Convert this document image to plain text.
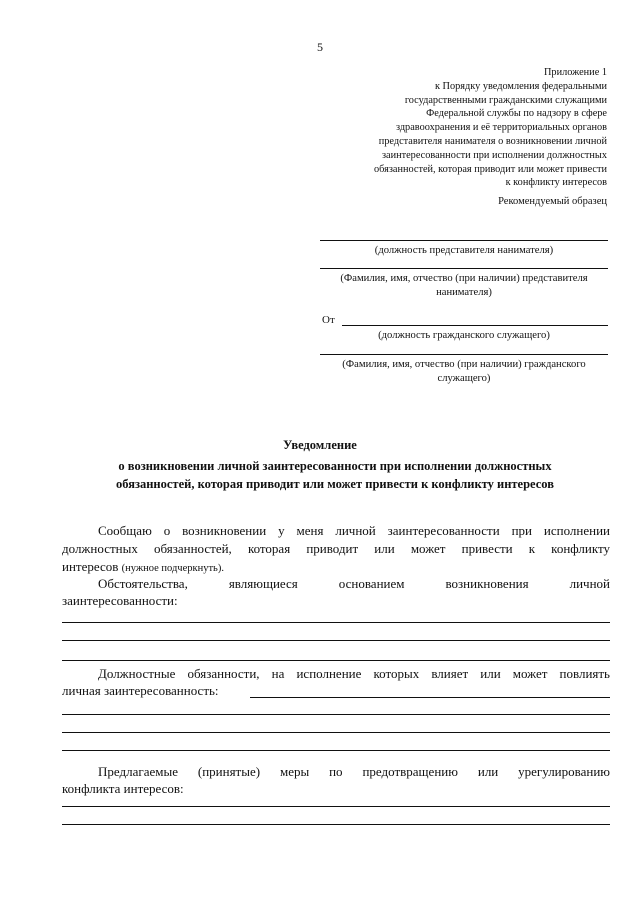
5
Приложение 1
к Порядку уведомления федеральными
государственными гражданскими служащими
Федеральной службы по надзору в сфере
здравоохранения и её территориальных органов
представителя нанимателя о возникновении личной
заинтересованности при исполнении должностных
обязанностей, которая приводит или может привести
к конфликту интересов
Рекомендуемый образец
(должность представителя нанимателя)
(Фамилия, имя, отчество (при наличии) представителя
нанимателя)
От
(должность гражданского служащего)
(Фамилия, имя, отчество (при наличии) гражданского
служащего)
Уведомление
о возникновении личной заинтересованности при исполнении должностных
обязанностей, которая приводит или может привести к конфликту интересов
Сообщаю о возникновении у меня личной заинтересованности при исполнении
должностных обязанностей, которая приводит или может привести к конфликту
интересов (нужное подчеркнуть).
Обстоятельства, являющиеся основанием возникновения личной
заинтересованности:
Должностные обязанности, на исполнение которых влияет или может повлиять
личная заинтересованность:
Предлагаемые (принятые) меры по предотвращению или урегулированию
конфликта интересов:
